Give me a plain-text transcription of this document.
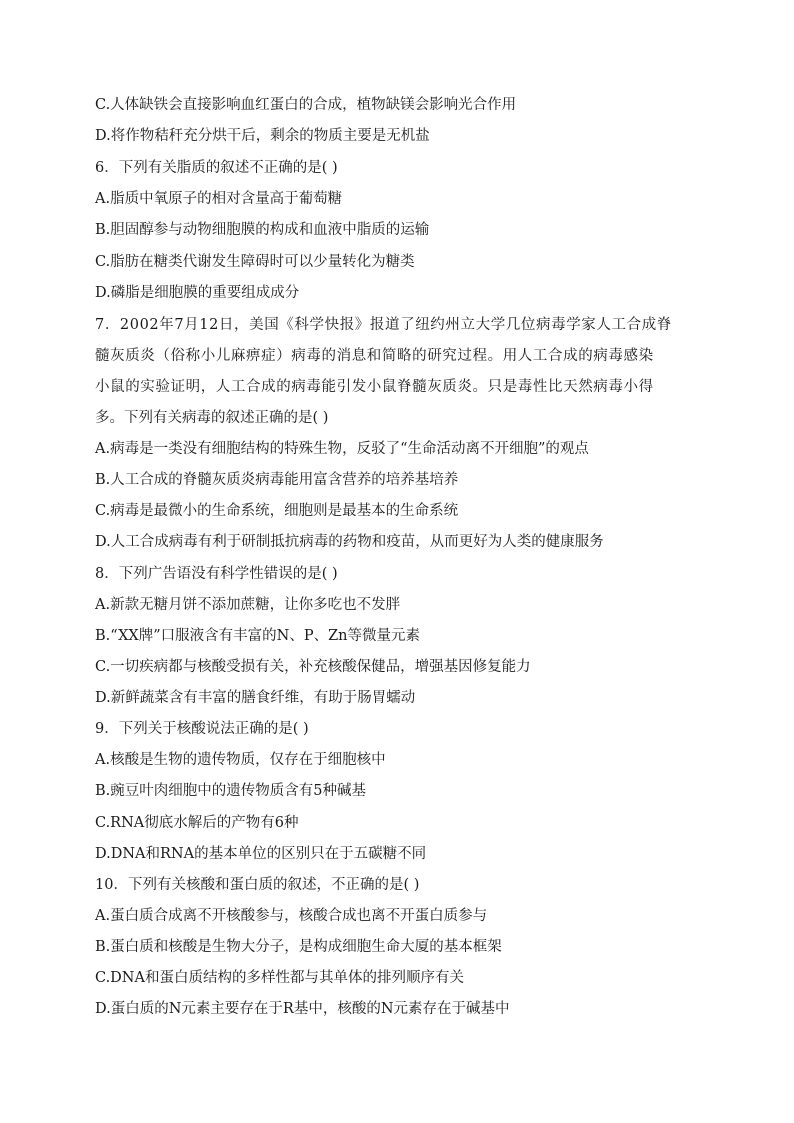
C.人体缺铁会直接影响血红蛋白的合成，植物缺镁会影响光合作用
D.将作物秸秆充分烘干后，剩余的物质主要是无机盐
6．下列有关脂质的叙述不正确的是( )
A.脂质中氧原子的相对含量高于葡萄糖
B.胆固醇参与动物细胞膜的构成和血液中脂质的运输
C.脂肪在糖类代谢发生障碍时可以少量转化为糖类
D.磷脂是细胞膜的重要组成成分
7．2002年7月12日，美国《科学快报》报道了纽约州立大学几位病毒学家人工合成脊
髓灰质炎（俗称小儿麻痹症）病毒的消息和简略的研究过程。用人工合成的病毒感染
小鼠的实验证明，人工合成的病毒能引发小鼠脊髓灰质炎。只是毒性比天然病毒小得
多。下列有关病毒的叙述正确的是( )
A.病毒是一类没有细胞结构的特殊生物，反驳了“生命活动离不开细胞”的观点
B.人工合成的脊髓灰质炎病毒能用富含营养的培养基培养
C.病毒是最微小的生命系统，细胞则是最基本的生命系统
D.人工合成病毒有利于研制抵抗病毒的药物和疫苗，从而更好为人类的健康服务
8．下列广告语没有科学性错误的是( )
A.新款无糖月饼不添加蔗糖，让你多吃也不发胖
B.“XX牌”口服液含有丰富的N、P、Zn等微量元素
C.一切疾病都与核酸受损有关，补充核酸保健品，增强基因修复能力
D.新鲜蔬菜含有丰富的膳食纤维，有助于肠胃蠕动
9．下列关于核酸说法正确的是( )
A.核酸是生物的遗传物质，仅存在于细胞核中
B.豌豆叶肉细胞中的遗传物质含有5种碱基
C.RNA彻底水解后的产物有6种
D.DNA和RNA的基本单位的区别只在于五碳糖不同
10．下列有关核酸和蛋白质的叙述，不正确的是( )
A.蛋白质合成离不开核酸参与，核酸合成也离不开蛋白质参与
B.蛋白质和核酸是生物大分子，是构成细胞生命大厦的基本框架
C.DNA和蛋白质结构的多样性都与其单体的排列顺序有关
D.蛋白质的N元素主要存在于R基中，核酸的N元素存在于碱基中
